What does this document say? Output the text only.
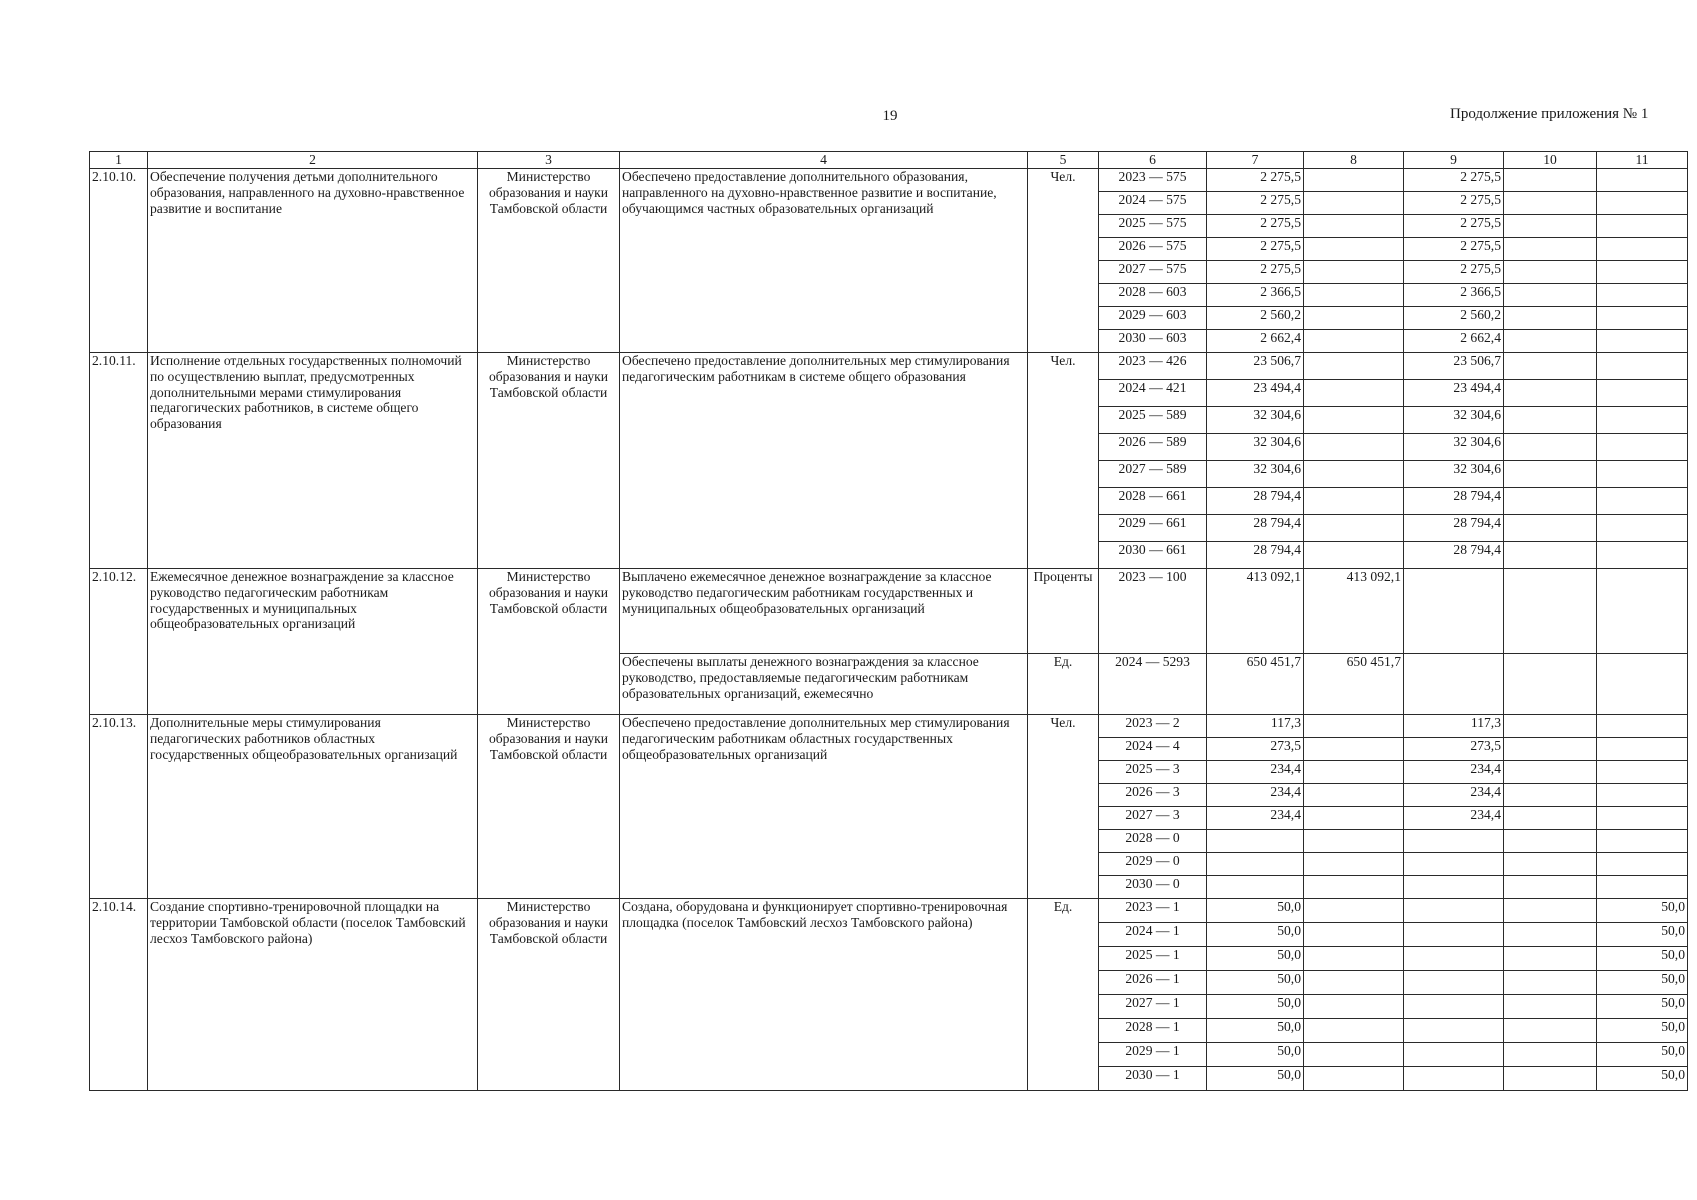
19	Продолжение приложения № 1
1	2	3	4	5	6	7	8	9	10	11
2.10.10.	Обеспечение получения детьми дополнительного образования, направленного на духовно-нравственное развитие и воспитание	Министерство образования и науки Тамбовской области	Обеспечено предоставление дополнительного образования, направленного на духовно-нравственное развитие и воспитание, обучающимся частных образовательных организаций	Чел.	2023 — 575	2 275,5		2 275,5		
					2024 — 575	2 275,5		2 275,5		
					2025 — 575	2 275,5		2 275,5		
					2026 — 575	2 275,5		2 275,5		
					2027 — 575	2 275,5		2 275,5		
					2028 — 603	2 366,5		2 366,5		
					2029 — 603	2 560,2		2 560,2		
					2030 — 603	2 662,4		2 662,4		
2.10.11.	Исполнение отдельных государственных полномочий по осуществлению выплат, предусмотренных дополнительными мерами стимулирования педагогических работников, в системе общего образования	Министерство образования и науки Тамбовской области	Обеспечено предоставление дополнительных мер стимулирования педагогическим работникам в системе общего образования	Чел.	2023 — 426	23 506,7		23 506,7		
					2024 — 421	23 494,4		23 494,4		
					2025 — 589	32 304,6		32 304,6		
					2026 — 589	32 304,6		32 304,6		
					2027 — 589	32 304,6		32 304,6		
					2028 — 661	28 794,4		28 794,4		
					2029 — 661	28 794,4		28 794,4		
					2030 — 661	28 794,4		28 794,4		
2.10.12.	Ежемесячное денежное вознаграждение за классное руководство педагогическим работникам государственных и муниципальных общеобразовательных организаций	Министерство образования и науки Тамбовской области	Выплачено ежемесячное денежное вознаграждение за классное руководство педагогическим работникам государственных и муниципальных общеобразовательных организаций	Проценты	2023 — 100	413 092,1	413 092,1			
			Обеспечены выплаты денежного вознаграждения за классное руководство, предоставляемые педагогическим работникам образовательных организаций, ежемесячно	Ед.	2024 — 5293	650 451,7	650 451,7			
2.10.13.	Дополнительные меры стимулирования педагогических работников областных государственных общеобразовательных организаций	Министерство образования и науки Тамбовской области	Обеспечено предоставление дополнительных мер стимулирования педагогическим работникам областных государственных общеобразовательных организаций	Чел.	2023 — 2	117,3		117,3		
					2024 — 4	273,5		273,5		
					2025 — 3	234,4		234,4		
					2026 — 3	234,4		234,4		
					2027 — 3	234,4		234,4		
					2028 — 0					
					2029 — 0					
					2030 — 0					
2.10.14.	Создание спортивно-тренировочной площадки на территории Тамбовской области (поселок Тамбовский лесхоз Тамбовского района)	Министерство образования и науки Тамбовской области	Создана, оборудована и функционирует спортивно-тренировочная площадка (поселок Тамбовский лесхоз Тамбовского района)	Ед.	2023 — 1	50,0				50,0
					2024 — 1	50,0				50,0
					2025 — 1	50,0				50,0
					2026 — 1	50,0				50,0
					2027 — 1	50,0				50,0
					2028 — 1	50,0				50,0
					2029 — 1	50,0				50,0
					2030 — 1	50,0				50,0
